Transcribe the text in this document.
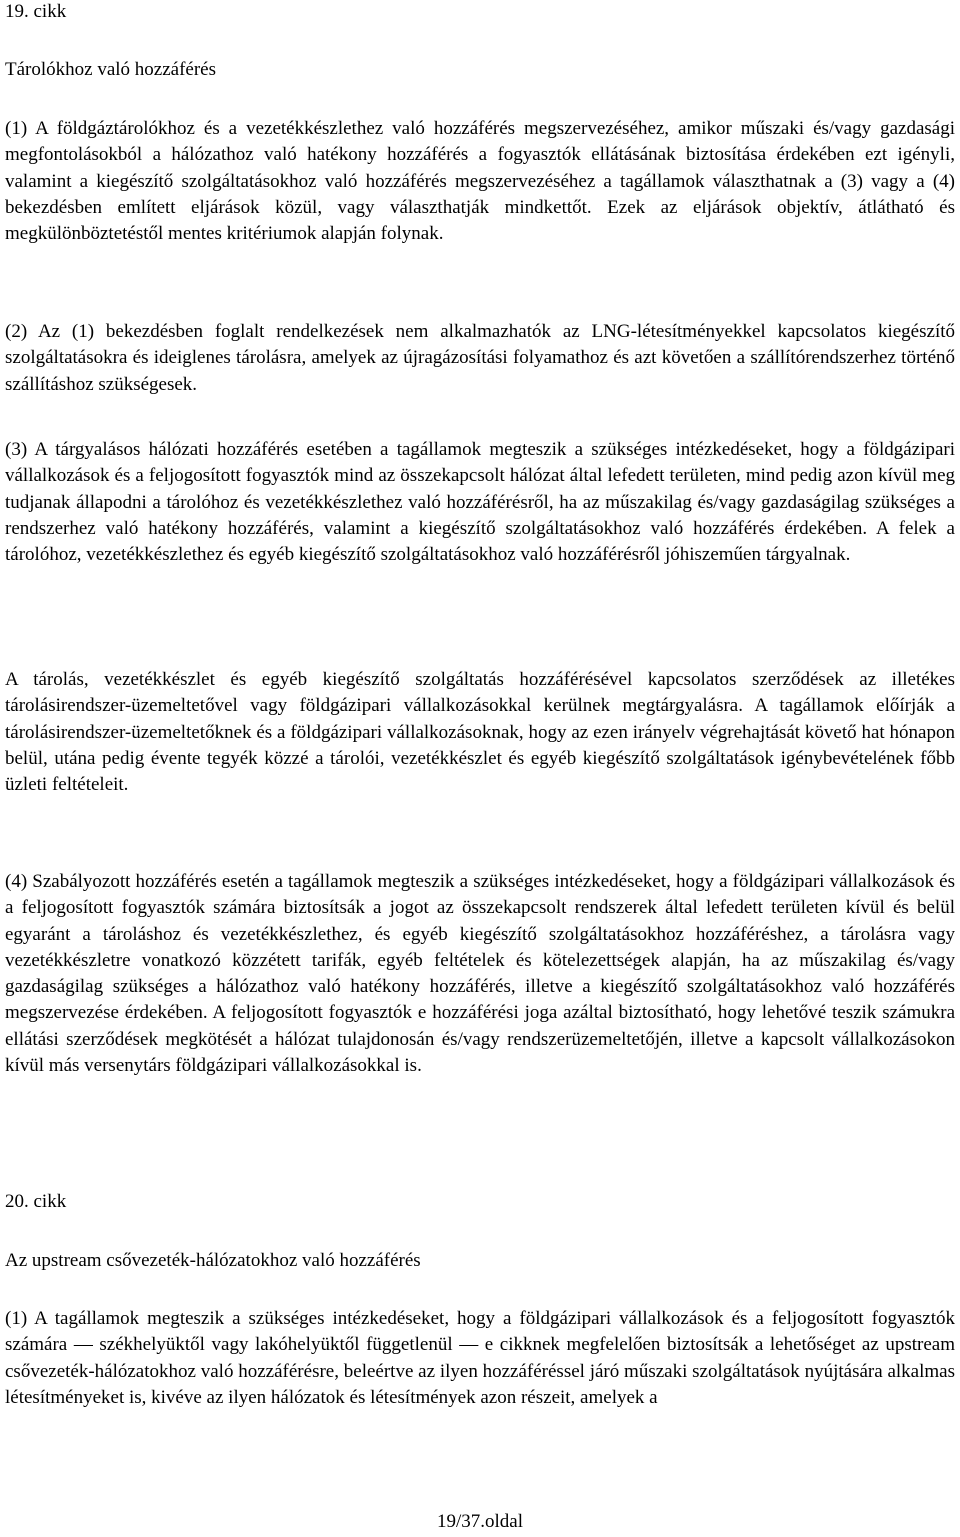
19. cikk
Tárolókhoz való hozzáférés
(1) A földgáztárolókhoz és a vezetékkészlethez való hozzáférés megszervezéséhez, amikor műszaki és/vagy gazdasági megfontolásokból a hálózathoz való hatékony hozzáférés a fogyasztók ellátásának biztosítása érdekében ezt igényli, valamint a kiegészítő szolgáltatásokhoz való hozzáférés megszervezéséhez a tagállamok választhatnak a (3) vagy a (4) bekezdésben említett eljárások közül, vagy választhatják mindkettőt. Ezek az eljárások objektív, átlátható és megkülönböztetéstől mentes kritériumok alapján folynak.
(2) Az (1) bekezdésben foglalt rendelkezések nem alkalmazhatók az LNG-létesítményekkel kapcsolatos kiegészítő szolgáltatásokra és ideiglenes tárolásra, amelyek az újragázosítási folyamathoz és azt követően a szállítórendszerhez történő szállításhoz szükségesek.
(3) A tárgyalásos hálózati hozzáférés esetében a tagállamok megteszik a szükséges intézkedéseket, hogy a földgázipari vállalkozások és a feljogosított fogyasztók mind az összekapcsolt hálózat által lefedett területen, mind pedig azon kívül meg tudjanak állapodni a tárolóhoz és vezetékkészlethez való hozzáférésről, ha az műszakilag és/vagy gazdaságilag szükséges a rendszerhez való hatékony hozzáférés, valamint a kiegészítő szolgáltatásokhoz való hozzáférés érdekében. A felek a tárolóhoz, vezetékkészlethez és egyéb kiegészítő szolgáltatásokhoz való hozzáférésről jóhiszeműen tárgyalnak.
A tárolás, vezetékkészlet és egyéb kiegészítő szolgáltatás hozzáférésével kapcsolatos szerződések az illetékes tárolásirendszer-üzemeltetővel vagy földgázipari vállalkozásokkal kerülnek megtárgyalásra. A tagállamok előírják a tárolásirendszer-üzemeltetőknek és a földgázipari vállalkozásoknak, hogy az ezen irányelv végrehajtását követő hat hónapon belül, utána pedig évente tegyék közzé a tárolói, vezetékkészlet és egyéb kiegészítő szolgáltatások igénybevételének főbb üzleti feltételeit.
(4) Szabályozott hozzáférés esetén a tagállamok megteszik a szükséges intézkedéseket, hogy a földgázipari vállalkozások és a feljogosított fogyasztók számára biztosítsák a jogot az összekapcsolt rendszerek által lefedett területen kívül és belül egyaránt a tároláshoz és vezetékkészlethez, és egyéb kiegészítő szolgáltatásokhoz hozzáféréshez, a tárolásra vagy vezetékkészletre vonatkozó közzétett tarifák, egyéb feltételek és kötelezettségek alapján, ha az műszakilag és/vagy gazdaságilag szükséges a hálózathoz való hatékony hozzáférés, illetve a kiegészítő szolgáltatásokhoz való hozzáférés megszervezése érdekében. A feljogosított fogyasztók e hozzáférési joga azáltal biztosítható, hogy lehetővé teszik számukra ellátási szerződések megkötését a hálózat tulajdonosán és/vagy rendszerüzemeltetőjén, illetve a kapcsolt vállalkozásokon kívül más versenytárs földgázipari vállalkozásokkal is.
20. cikk
Az upstream csővezeték-hálózatokhoz való hozzáférés
(1) A tagállamok megteszik a szükséges intézkedéseket, hogy a földgázipari vállalkozások és a feljogosított fogyasztók számára — székhelyüktől vagy lakóhelyüktől függetlenül — e cikknek megfelelően biztosítsák a lehetőséget az upstream csővezeték-hálózatokhoz való hozzáférésre, beleértve az ilyen hozzáféréssel járó műszaki szolgáltatások nyújtására alkalmas létesítményeket is, kivéve az ilyen hálózatok és létesítmények azon részeit, amelyek a
19/37.oldal
